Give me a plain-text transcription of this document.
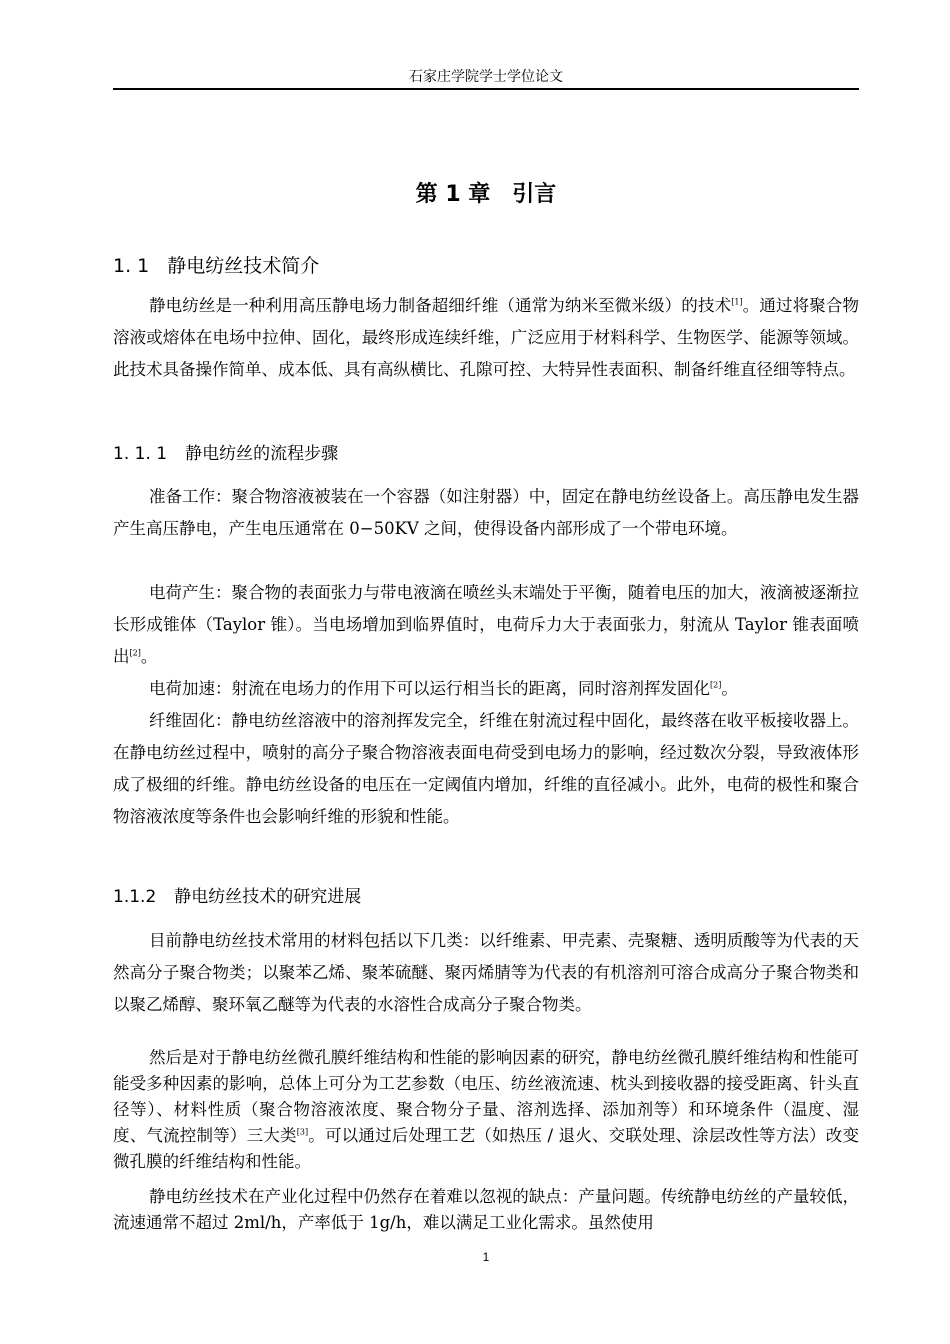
石家庄学院学士学位论文
第 1 章　引言
1. 1 静电纺丝技术简介

静电纺丝是一种利用高压静电场力制备超细纤维（通常为纳米至微米级）的技术[1]。通过将聚合物溶液或熔体在电场中拉伸、固化，最终形成连续纤维，广泛应用于材料科学、生物医学、能源等领域。此技术具备操作简单、成本低、具有高纵横比、孔隙可控、大特异性表面积、制备纤维直径细等特点。

1. 1. 1 静电纺丝的流程步骤

准备工作：聚合物溶液被装在一个容器（如注射器）中，固定在静电纺丝设备上。高压静电发生器产生高压静电，产生电压通常在 0−50KV 之间，使得设备内部形成了一个带电环境。

电荷产生：聚合物的表面张力与带电液滴在喷丝头末端处于平衡，随着电压的加大，液滴被逐渐拉长形成锥体（Taylor 锥）。当电场增加到临界值时，电荷斥力大于表面张力，射流从 Taylor 锥表面喷出[2]。

电荷加速：射流在电场力的作用下可以运行相当长的距离，同时溶剂挥发固化[2]。

纤维固化：静电纺丝溶液中的溶剂挥发完全，纤维在射流过程中固化，最终落在收平板接收器上。在静电纺丝过程中，喷射的高分子聚合物溶液表面电荷受到电场力的影响，经过数次分裂，导致液体形成了极细的纤维。静电纺丝设备的电压在一定阈值内增加，纤维的直径减小。此外，电荷的极性和聚合物溶液浓度等条件也会影响纤维的形貌和性能。

1.1.2 静电纺丝技术的研究进展

目前静电纺丝技术常用的材料包括以下几类：以纤维素、甲壳素、壳聚糖、透明质酸等为代表的天然高分子聚合物类；以聚苯乙烯、聚苯硫醚、聚丙烯腈等为代表的有机溶剂可溶合成高分子聚合物类和以聚乙烯醇、聚环氧乙醚等为代表的水溶性合成高分子聚合物类。

然后是对于静电纺丝微孔膜纤维结构和性能的影响因素的研究，静电纺丝微孔膜纤维结构和性能可能受多种因素的影响，总体上可分为工艺参数（电压、纺丝液流速、枕头到接收器的接受距离、针头直径等）、材料性质（聚合物溶液浓度、聚合物分子量、溶剂选择、添加剂等）和环境条件（温度、湿度、气流控制等）三大类[3]。可以通过后处理工艺（如热压 / 退火、交联处理、涂层改性等方法）改变微孔膜的纤维结构和性能。

静电纺丝技术在产业化过程中仍然存在着难以忽视的缺点：产量问题。传统静电纺丝的产量较低，流速通常不超过 2ml/h，产率低于 1g/h，难以满足工业化需求。虽然使用

1
